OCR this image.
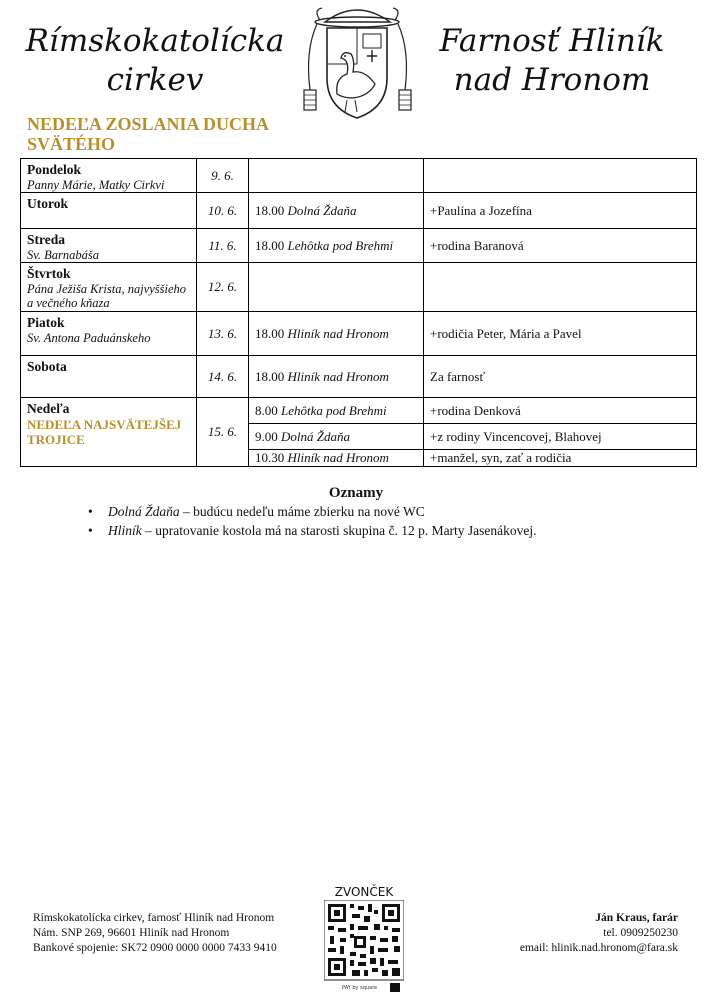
Rímskokatolícka
cirkev
Farnosť Hliník
nad Hronom
NEDEĽA ZOSLANIA DUCHA SVÄTÉHO
Pondelok
Panny Márie, Matky Cirkvi	9. 6.		

Utorok	10. 6.	18.00 Dolná Ždaňa	+Paulína a Jozefína

Streda
Sv. Barnabáša	11. 6.	18.00 Lehôtka pod Brehmi	+rodina Baranová

Štvrtok
Pána Ježiša Krista, najvyššieho a večného kňaza	12. 6.		

Piatok
Sv. Antona Paduánskeho	13. 6.	18.00 Hliník nad Hronom	+rodičia Peter, Mária a Pavel

Sobota	14. 6.	18.00 Hliník nad Hronom	Za farnosť

Nedeľa
NEDEĽA NAJSVÄTEJŠEJ TROJICE	15. 6.	8.00 Lehôtka pod Brehmi	+rodina Denková
		9.00 Dolná Ždaňa	+z rodiny Vincencovej, Blahovej
		10.30 Hliník nad Hronom	+manžel, syn, zať a rodičia
Oznamy
• Dolná Ždaňa – budúcu nedeľu máme zbierku na nové WC
• Hliník – upratovanie kostola má na starosti skupina č. 12 p. Marty Jasenákovej.
Rímskokatolícka cirkev, farnosť Hliník nad Hronom
Nám. SNP 269, 96601 Hliník nad Hronom
Bankové spojenie: SK72 0900 0000 0000 7433 9410
ZVONČEK
PAY by square
Ján Kraus, farár
tel. 0909250230
email: hlinik.nad.hronom@fara.sk
